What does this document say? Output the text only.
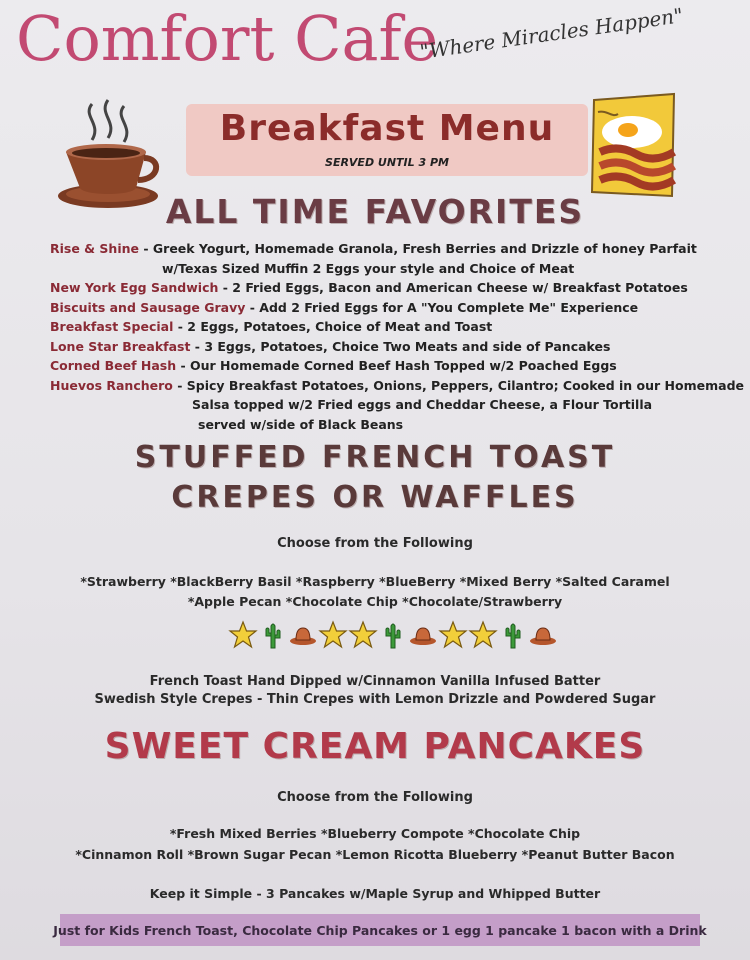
Comfort Cafe
"Where Miracles Happen"
Breakfast Menu
SERVED UNTIL 3 PM
ALL TIME FAVORITES
Rise & Shine - Greek Yogurt, Homemade Granola, Fresh Berries and Drizzle of honey Parfait
w/Texas Sized Muffin 2 Eggs your style and Choice of Meat
New York Egg Sandwich - 2 Fried Eggs, Bacon and American Cheese w/ Breakfast Potatoes
Biscuits and Sausage Gravy - Add 2 Fried Eggs for A "You Complete Me" Experience
Breakfast Special - 2 Eggs, Potatoes, Choice of Meat and Toast
Lone Star Breakfast - 3 Eggs, Potatoes, Choice Two Meats and side of Pancakes
Corned Beef Hash - Our Homemade Corned Beef Hash Topped w/2 Poached Eggs
Huevos Ranchero - Spicy Breakfast Potatoes, Onions, Peppers, Cilantro; Cooked in our Homemade
Salsa topped w/2 Fried eggs and Cheddar Cheese, a Flour Tortilla
served w/side of Black Beans
STUFFED FRENCH TOAST
CREPES OR WAFFLES
Choose from the Following
*Strawberry *BlackBerry Basil *Raspberry *BlueBerry *Mixed Berry *Salted Caramel
*Apple Pecan *Chocolate Chip *Chocolate/Strawberry
French Toast Hand Dipped w/Cinnamon Vanilla Infused Batter
Swedish Style Crepes - Thin Crepes with Lemon Drizzle and Powdered Sugar
SWEET CREAM PANCAKES
Choose from the Following
*Fresh Mixed Berries *Blueberry Compote *Chocolate Chip
*Cinnamon Roll *Brown Sugar Pecan *Lemon Ricotta Blueberry *Peanut Butter Bacon
Keep it Simple - 3 Pancakes w/Maple Syrup and Whipped Butter
Just for Kids French Toast, Chocolate Chip Pancakes or 1 egg 1 pancake 1 bacon with a Drink
